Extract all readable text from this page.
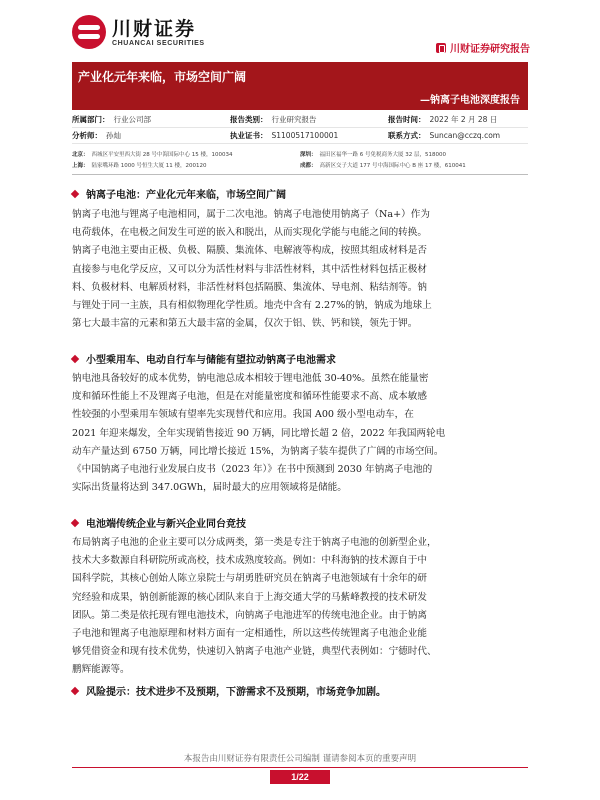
川财证券
CHUANCAI SECURITIES
川财证券研究报告
产业化元年来临，市场空间广阔
—钠离子电池深度报告
所属部门： 行业公司部	报告类别： 行业研究报告	报告时间： 2022 年 2 月 28 日
分析师： 孙灿	执业证书： S1100517100001	联系方式： Suncan@cczq.com
北京： 西城区平安里西大街 28 号中海国际中心 15 楼，100034	深圳： 福田区福华一路 6 号免税商务大厦 32 层，518000
上海： 陆家嘴环路 1000 号恒生大厦 11 楼，200120	成都： 高新区交子大道 177 号中海国际中心 B 座 17 楼，610041
钠离子电池：产业化元年来临，市场空间广阔
钠离子电池与锂离子电池相同，属于二次电池。钠离子电池使用钠离子（Na+）作为
电荷载体，在电极之间发生可逆的嵌入和脱出，从而实现化学能与电能之间的转换。
钠离子电池主要由正极、负极、隔膜、集流体、电解液等构成，按照其组成材料是否
直接参与电化学反应，又可以分为活性材料与非活性材料，其中活性材料包括正极材
料、负极材料、电解质材料，非活性材料包括隔膜、集流体、导电剂、粘结剂等。钠
与锂处于同一主族，具有相似物理化学性质。地壳中含有 2.27%的钠，钠成为地球上
第七大最丰富的元素和第五大最丰富的金属，仅次于铝、铁、钙和镁，领先于钾。
小型乘用车、电动自行车与储能有望拉动钠离子电池需求
钠电池具备较好的成本优势，钠电池总成本相较于锂电池低 30-40%。虽然在能量密
度和循环性能上不及锂离子电池，但是在对能量密度和循环性能要求不高、成本敏感
性较强的小型乘用车领域有望率先实现替代和应用。我国 A00 级小型电动车，在
2021 年迎来爆发，全年实现销售接近 90 万辆，同比增长超 2 倍，2022 年我国两轮电
动车产量达到 6750 万辆，同比增长接近 15%，为钠离子装车提供了广阔的市场空间。
《中国钠离子电池行业发展白皮书（2023 年）》在书中预测到 2030 年钠离子电池的
实际出货量将达到 347.0GWh，届时最大的应用领域将是储能。
电池端传统企业与新兴企业同台竞技
布局钠离子电池的企业主要可以分成两类，第一类是专注于钠离子电池的创新型企业，
技术大多数源自科研院所或高校，技术成熟度较高。例如：中科海钠的技术源自于中
国科学院，其核心创始人陈立泉院士与胡勇胜研究员在钠离子电池领域有十余年的研
究经验和成果，钠创新能源的核心团队来自于上海交通大学的马紫峰教授的技术研发
团队。第二类是依托现有锂电池技术，向钠离子电池进军的传统电池企业。由于钠离
子电池和锂离子电池原理和材料方面有一定相通性，所以这些传统锂离子电池企业能
够凭借资金和现有技术优势，快速切入钠离子电池产业链，典型代表例如：宁德时代、
鹏辉能源等。
风险提示：技术进步不及预期，下游需求不及预期，市场竞争加剧。
本报告由川财证券有限责任公司编制 谨请参阅本页的重要声明
1/22
